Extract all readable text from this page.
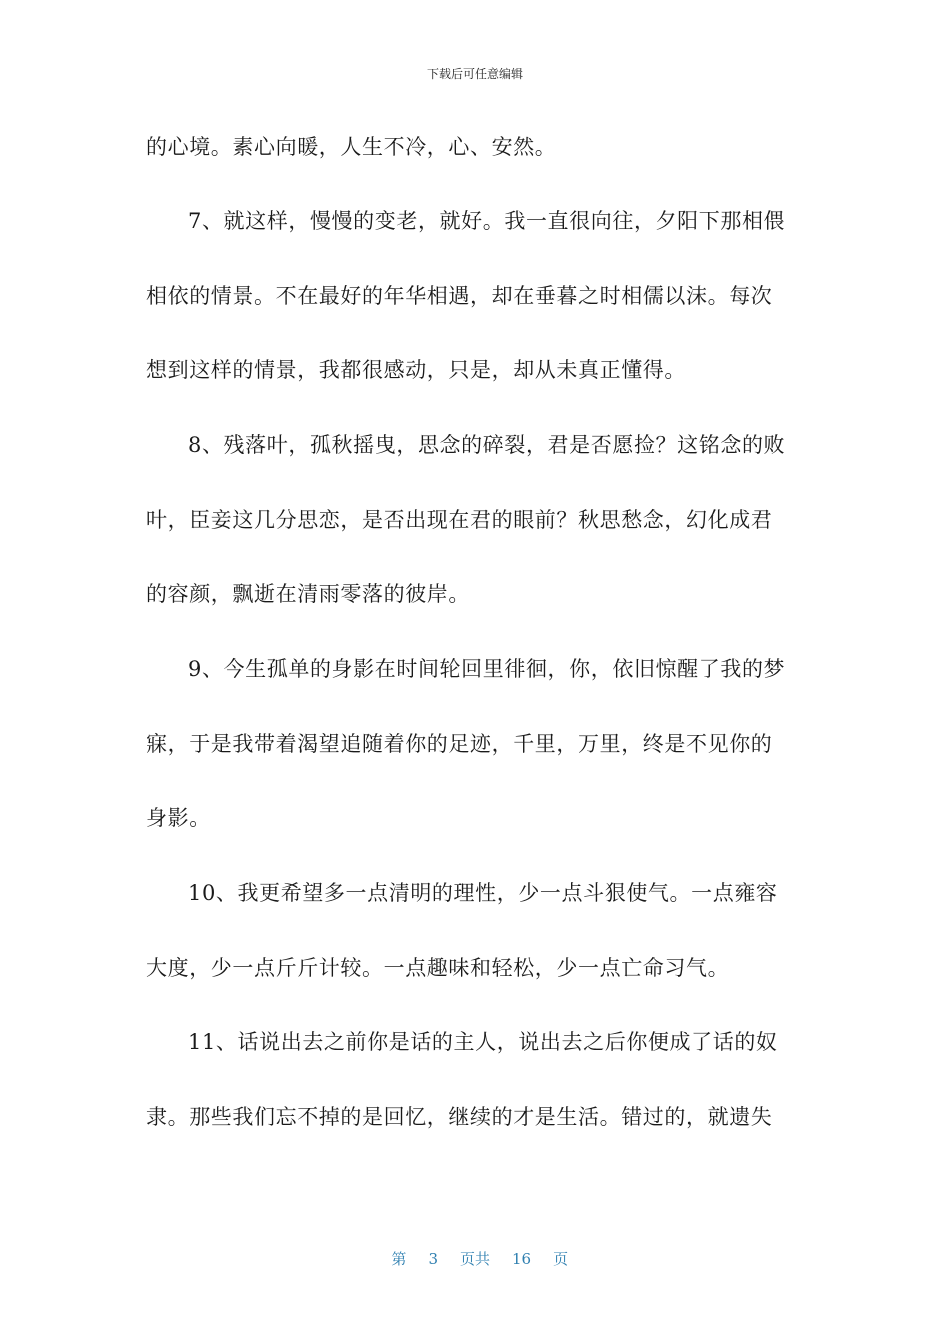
下载后可任意编辑
的心境。素心向暖，人生不冷，心、安然。
7、就这样，慢慢的变老，就好。我一直很向往，夕阳下那相偎
相依的情景。不在最好的年华相遇，却在垂暮之时相儒以沫。每次
想到这样的情景，我都很感动，只是，却从未真正懂得。
8、残落叶，孤秋摇曳，思念的碎裂，君是否愿捡？这铭念的败
叶，臣妾这几分思恋，是否出现在君的眼前？秋思愁念，幻化成君
的容颜，飘逝在清雨零落的彼岸。
9、今生孤单的身影在时间轮回里徘徊，你，依旧惊醒了我的梦
寐，于是我带着渴望追随着你的足迹，千里，万里，终是不见你的
身影。
10、我更希望多一点清明的理性，少一点斗狠使气。一点雍容
大度，少一点斤斤计较。一点趣味和轻松，少一点亡命习气。
11、话说出去之前你是话的主人，说出去之后你便成了话的奴
隶。那些我们忘不掉的是回忆，继续的才是生活。错过的，就遗失

第 3 页共 16 页
